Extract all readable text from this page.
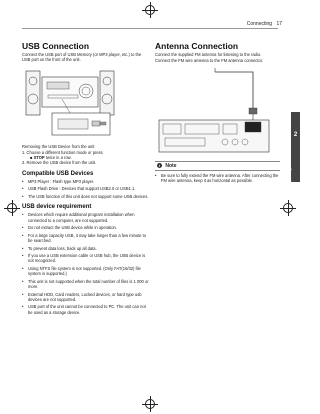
Connecting 17
2
Connecting
USB Connection

Connect the USB port of USB Memory (or MP3 player, etc.) to the USB port on the front of the unit.

Removing the USB Device from the unit

1. Choose a different function mode or press
■ STOP twice in a row.
2. Remove the USB device from the unit.
Compatible USB Devices
• MP3 Player : Flash type MP3 player.
• USB Flash Drive : Devices that support USB2.0 or USB1.1.
• The USB function of this unit does not support some USB devices.
USB device requirement
• Devices which require additional program installation when connected to a computer, are not supported.
• Do not extract the USB device while in operation.
• For a large capacity USB, it may take longer than a few minute to be searched.
• To prevent data loss, back up all data.
• If you use a USB extension cable or USB hub, the USB device is not recognized.
• Using NTFS file system is not supported. (Only FAT(16/32) file system is supported.)
• This unit is not supported when the total number of files is 1 000 or more.
• External HDD, Card readers, Locked devices, or hard type usb devices are not supported.
• USB port of the unit cannot be connected to PC. The unit can not be used as a storage device.
Antenna Connection

Connect the supplied FM antenna for listening to the radio.

Connect the FM wire antenna to the FM antenna connector.

i Note
• Be sure to fully extend the FM wire antenna. After connecting the FM wire antenna, keep it as horizontal as possible.
